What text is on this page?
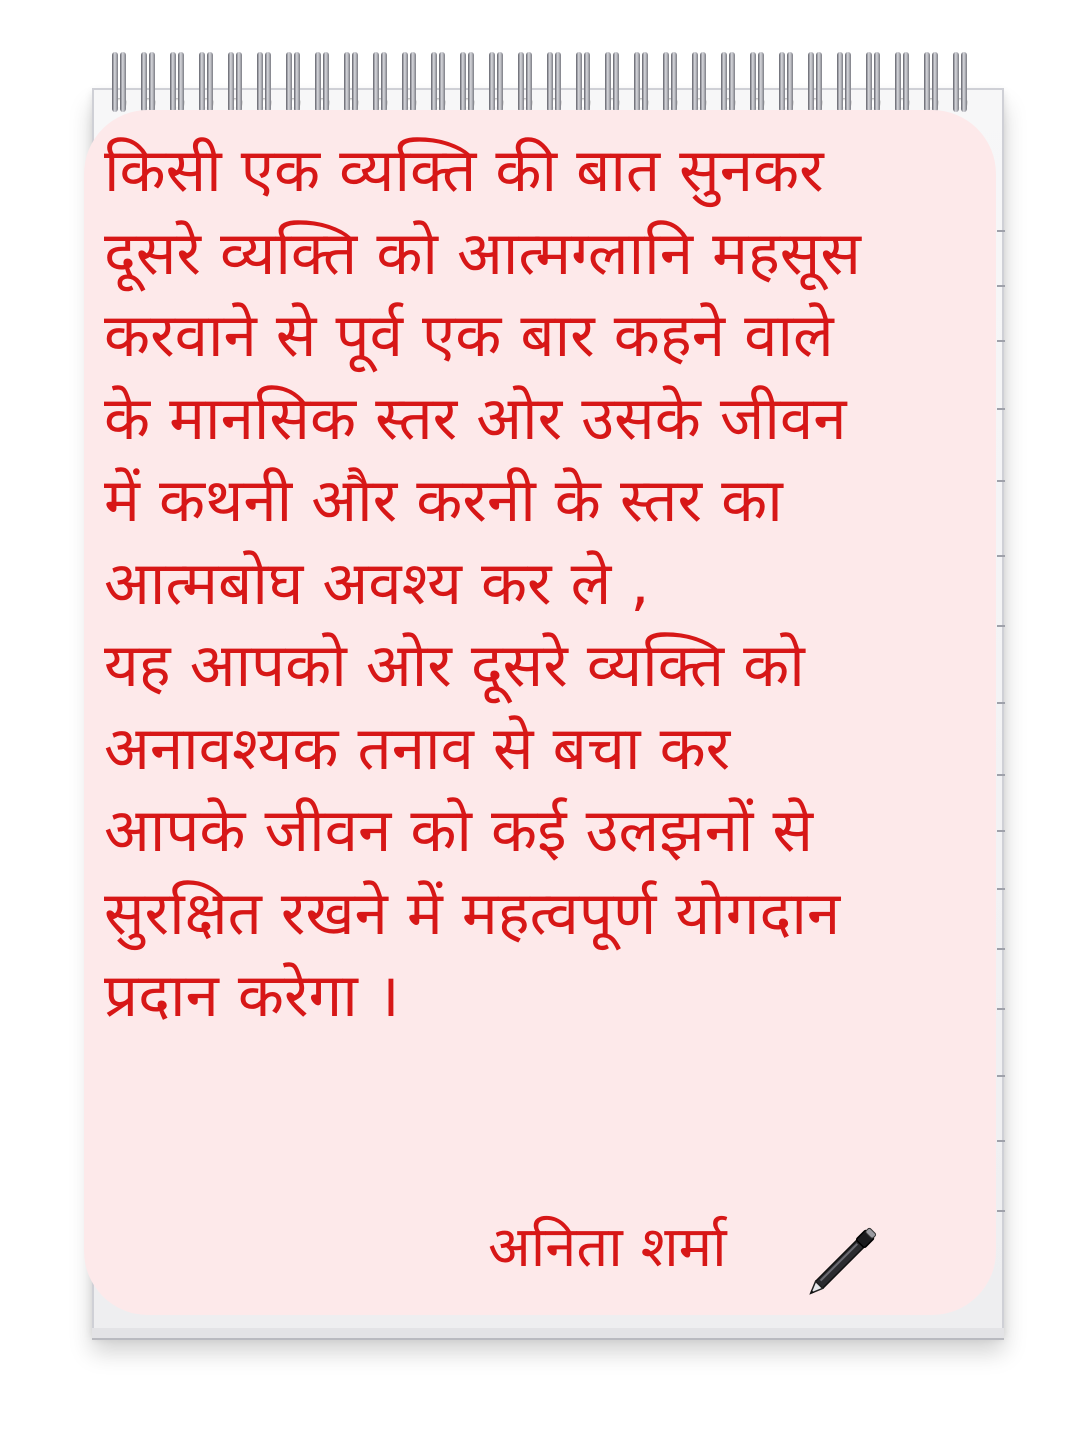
किसी एक व्यक्ति की बात सुनकर
दूसरे व्यक्ति को आत्मग्लानि महसूस
करवाने से पूर्व एक बार कहने वाले
के मानसिक स्तर ओर उसके जीवन
में कथनी और करनी के स्तर का
आत्मबोघ अवश्य कर ले ,
यह आपको ओर दूसरे व्यक्ति को
अनावश्यक तनाव से बचा कर
आपके जीवन को कई उलझनों से
सुरक्षित रखने में महत्वपूर्ण योगदान
प्रदान करेगा ।

अनिता शर्मा
